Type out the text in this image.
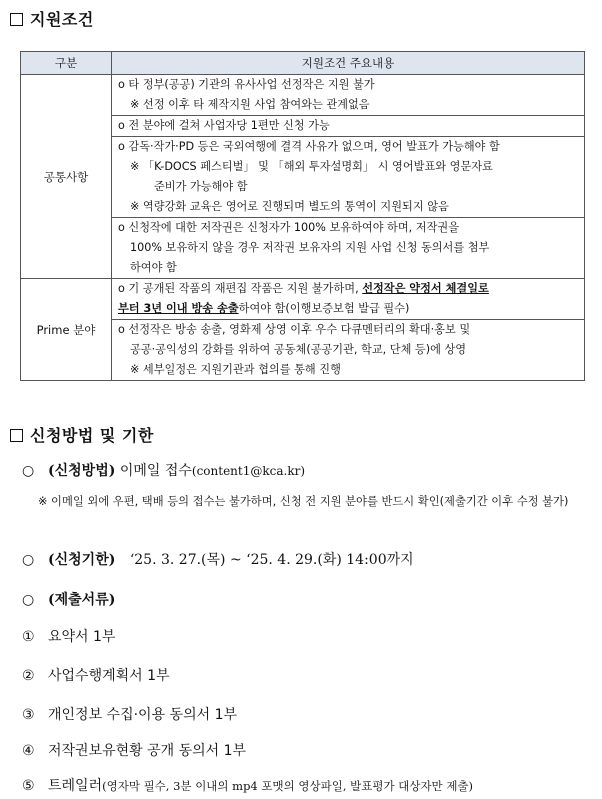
지원조건
구분	지원조건 주요내용
공통사항	o 타 정부(공공) 기관의 유사사업 선정작은 지원 불가
※ 선정 이후 타 제작지원 사업 참여와는 관계없음

	o 전 분야에 걸쳐 사업자당 1편만 신청 가능

	o 감독·작가·PD 등은 국외여행에 결격 사유가 없으며, 영어 발표가 가능해야 함
※ 「K-DOCS 페스티벌」 및 「해외 투자설명회」 시 영어발표와 영문자료
준비가 가능해야 함
※ 역량강화 교육은 영어로 진행되며 별도의 통역이 지원되지 않음

	o 신청작에 대한 저작권은 신청자가 100% 보유하여야 하며, 저작권을
100% 보유하지 않을 경우 저작권 보유자의 지원 사업 신청 동의서를 첨부
하여야 함

Prime 분야	o 기 공개된 작품의 재편집 작품은 지원 불가하며, 선정작은 약정서 체결일로
부터 3년 이내 방송 송출하여야 함(이행보증보험 발급 필수)

	o 선정작은 방송 송출, 영화제 상영 이후 우수 다큐멘터리의 확대·홍보 및
공공·공익성의 강화를 위하여 공동체(공공기관, 학교, 단체 등)에 상영
※ 세부일정은 지원기관과 협의를 통해 진행
신청방법 및 기한
○ (신청방법) 이메일 접수(content1@kca.kr)
※ 이메일 외에 우편, 택배 등의 접수는 불가하며, 신청 전 지원 분야를 반드시 확인(제출기간 이후 수정 불가)
○ (신청기한) ‘25. 3. 27.(목) ~ ‘25. 4. 29.(화) 14:00까지
○ (제출서류)
① 요약서 1부
② 사업수행계획서 1부
③ 개인정보 수집·이용 동의서 1부
④ 저작권보유현황 공개 동의서 1부
⑤ 트레일러(영자막 필수, 3분 이내의 mp4 포맷의 영상파일, 발표평가 대상자만 제출)
